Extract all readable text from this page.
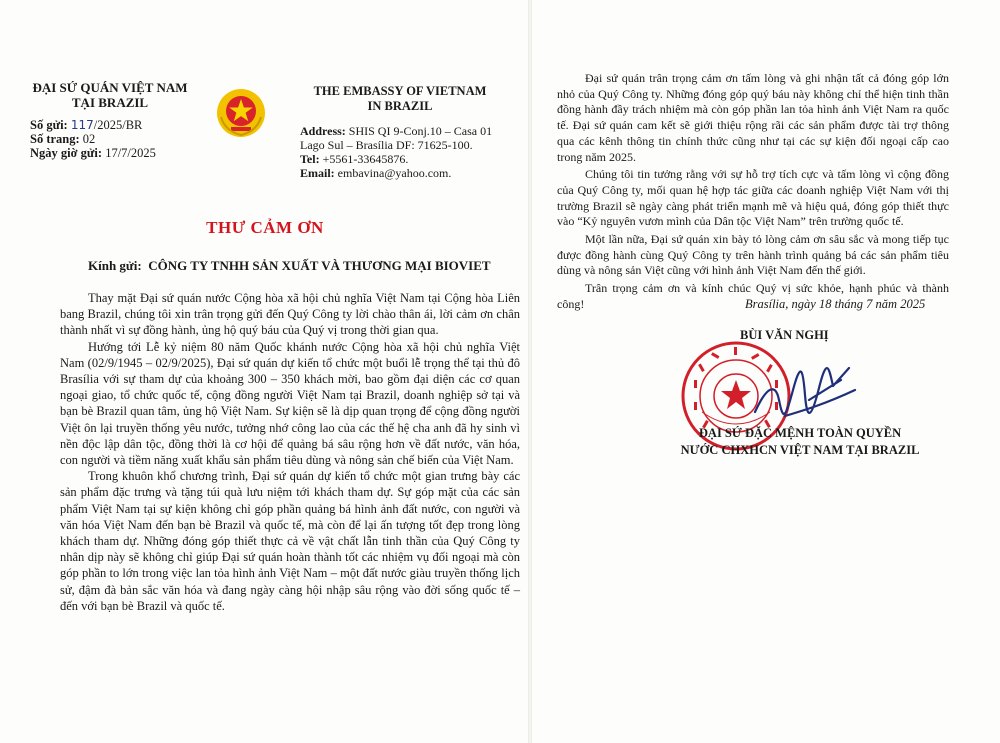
ĐẠI SỨ QUÁN VIỆT NAM
TẠI BRAZIL
Số gửi: 117/2025/BR
Số trang: 02
Ngày giờ gửi: 17/7/2025
THE EMBASSY OF VIETNAM
IN BRAZIL
Address: SHIS QI 9-Conj.10 – Casa 01
Lago Sul – Brasília DF: 71625-100.
Tel: +5561-33645876.
Email: embavina@yahoo.com.
THƯ CẢM ƠN
Kính gửi: CÔNG TY TNHH SẢN XUẤT VÀ THƯƠNG MẠI BIOVIET

Thay mặt Đại sứ quán nước Cộng hòa xã hội chủ nghĩa Việt Nam tại Cộng hòa Liên bang Brazil, chúng tôi xin trân trọng gửi đến Quý Công ty lời chào thân ái, lời cảm ơn chân thành nhất vì sự đồng hành, ủng hộ quý báu của Quý vị trong thời gian qua.

Hướng tới Lễ kỷ niệm 80 năm Quốc khánh nước Cộng hòa xã hội chủ nghĩa Việt Nam (02/9/1945 – 02/9/2025), Đại sứ quán dự kiến tổ chức một buổi lễ trọng thể tại thủ đô Brasília với sự tham dự của khoảng 300 – 350 khách mời, bao gồm đại diện các cơ quan ngoại giao, tổ chức quốc tế, cộng đồng người Việt Nam tại Brazil, doanh nghiệp sở tại và bạn bè Brazil quan tâm, ủng hộ Việt Nam. Sự kiện sẽ là dịp quan trọng để cộng đồng người Việt ôn lại truyền thống yêu nước, tưởng nhớ công lao của các thế hệ cha anh đã hy sinh vì nền độc lập dân tộc, đồng thời là cơ hội để quảng bá sâu rộng hơn về đất nước, văn hóa, con người và tiềm năng xuất khẩu sản phẩm tiêu dùng và nông sản chế biến của Việt Nam.

Trong khuôn khổ chương trình, Đại sứ quán dự kiến tổ chức một gian trưng bày các sản phẩm đặc trưng và tặng túi quà lưu niệm tới khách tham dự. Sự góp mặt của các sản phẩm Việt Nam tại sự kiện không chỉ góp phần quảng bá hình ảnh đất nước, con người và văn hóa Việt Nam đến bạn bè Brazil và quốc tế, mà còn để lại ấn tượng tốt đẹp trong lòng khách tham dự. Những đóng góp thiết thực cả về vật chất lẫn tinh thần của Quý Công ty nhân dịp này sẽ không chỉ giúp Đại sứ quán hoàn thành tốt các nhiệm vụ đối ngoại mà còn góp phần to lớn trong việc lan tỏa hình ảnh Việt Nam – một đất nước giàu truyền thống lịch sử, đậm đà bản sắc văn hóa và đang ngày càng hội nhập sâu rộng vào đời sống quốc tế – đến với bạn bè Brazil và quốc tế.

Đại sứ quán trân trọng cảm ơn tấm lòng và ghi nhận tất cả đóng góp lớn nhỏ của Quý Công ty. Những đóng góp quý báu này không chỉ thể hiện tinh thần đồng hành đầy trách nhiệm mà còn góp phần lan tỏa hình ảnh Việt Nam ra quốc tế. Đại sứ quán cam kết sẽ giới thiệu rộng rãi các sản phẩm được tài trợ thông qua các kênh thông tin chính thức cũng như tại các sự kiện đối ngoại cấp cao trong năm 2025.

Chúng tôi tin tưởng rằng với sự hỗ trợ tích cực và tấm lòng vì cộng đồng của Quý Công ty, mối quan hệ hợp tác giữa các doanh nghiệp Việt Nam với thị trường Brazil sẽ ngày càng phát triển mạnh mẽ và hiệu quả, đóng góp thiết thực vào “Kỷ nguyên vươn mình của Dân tộc Việt Nam” trên trường quốc tế.

Một lần nữa, Đại sứ quán xin bày tỏ lòng cảm ơn sâu sắc và mong tiếp tục được đồng hành cùng Quý Công ty trên hành trình quảng bá các sản phẩm tiêu dùng và nông sản Việt cũng với hình ảnh Việt Nam đến thế giới.

Trân trọng cảm ơn và kính chúc Quý vị sức khỏe, hạnh phúc và thành công!	Brasília, ngày 18 tháng 7 năm 2025
BÙI VĂN NGHỊ
ĐẠI SỨ ĐẶC MỆNH TOÀN QUYỀN
NƯỚC CHXHCN VIỆT NAM TẠI BRAZIL
